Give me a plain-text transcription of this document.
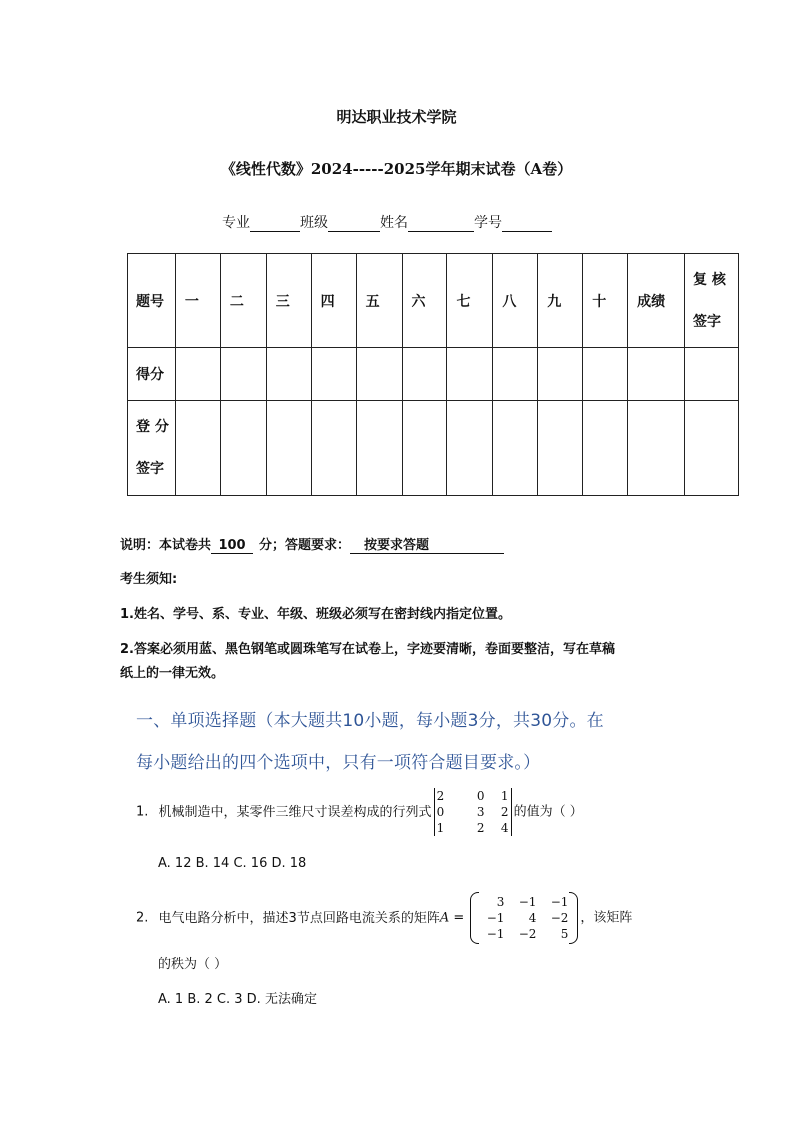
明达职业技术学院
《线性代数》2024-----2025学年期末试卷（A卷）
专业	班级	姓名	学号
题号	一	二	三	四	五	六	七	八	九	十	成绩	复 核
签字

得分												

登 分
签字												

说明：本试卷共 100 分；答题要求： 按要求答题
考生须知:
1.姓名、学号、系、专业、年级、班级必须写在密封线内指定位置。
2.答案必须用蓝、黑色钢笔或圆珠笔写在试卷上，字迹要清晰，卷面要整洁，写在草稿
纸上的一律无效。
一、单项选择题（本大题共10小题，每小题3分，共30分。在
每小题给出的四个选项中，只有一项符合题目要求。）
1. 机械制造中，某零件三维尺寸误差构成的行列式
2	0	1
0	3	2
1	2	4
的值为（ ）
A. 12 B. 14 C. 16 D. 18
2. 电气电路分析中，描述3节点回路电流关系的矩阵A =
3	−1	−1
−1	4	−2
−1	−2	5
，该矩阵
的秩为（ ）
A. 1 B. 2 C. 3 D. 无法确定
